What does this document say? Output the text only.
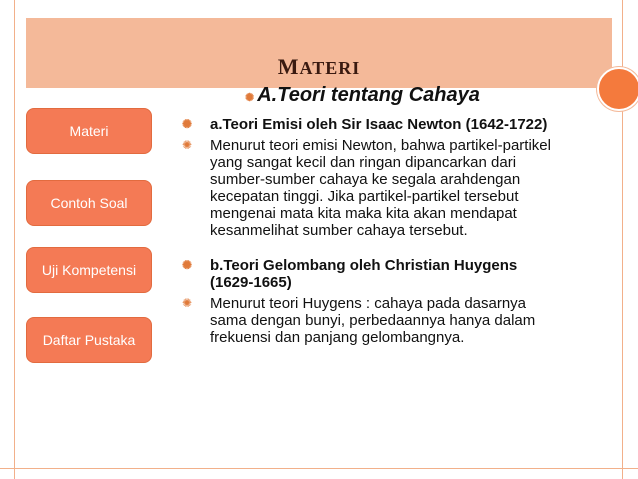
MATERI
✺ A.Teori tentang Cahaya
Materi
Contoh Soal
Uji Kompetensi
Daftar Pustaka
✺ a.Teori Emisi oleh Sir Isaac Newton (1642-1722)
✺ Menurut teori emisi Newton, bahwa partikel-partikel yang sangat kecil dan ringan dipancarkan dari sumber-sumber cahaya ke segala arahdengan kecepatan tinggi. Jika partikel-partikel tersebut mengenai mata kita maka kita akan mendapat kesanmelihat sumber cahaya tersebut.
✺ b.Teori Gelombang oleh Christian Huygens (1629-1665)
✺ Menurut teori Huygens : cahaya pada dasarnya sama dengan bunyi, perbedaannya hanya dalam frekuensi dan panjang gelombangnya.
